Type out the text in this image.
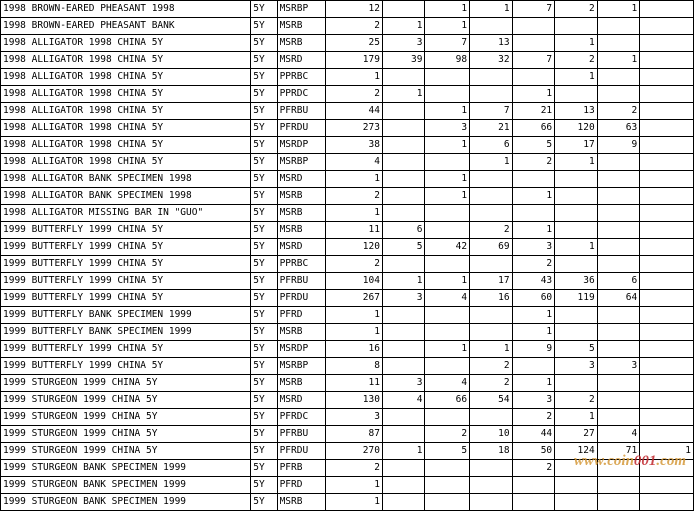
1998 BROWN-EARED PHEASANT 1998	5Y	MSRBP	12		1	1	7	2	1	
1998 BROWN-EARED PHEASANT BANK	5Y	MSRB	2	1	1					
1998 ALLIGATOR 1998 CHINA 5Y	5Y	MSRB	25	3	7	13		1		
1998 ALLIGATOR 1998 CHINA 5Y	5Y	MSRD	179	39	98	32	7	2	1	
1998 ALLIGATOR 1998 CHINA 5Y	5Y	PPRBC	1					1		
1998 ALLIGATOR 1998 CHINA 5Y	5Y	PPRDC	2	1			1			
1998 ALLIGATOR 1998 CHINA 5Y	5Y	PFRBU	44		1	7	21	13	2	
1998 ALLIGATOR 1998 CHINA 5Y	5Y	PFRDU	273		3	21	66	120	63	
1998 ALLIGATOR 1998 CHINA 5Y	5Y	MSRDP	38		1	6	5	17	9	
1998 ALLIGATOR 1998 CHINA 5Y	5Y	MSRBP	4			1	2	1		
1998 ALLIGATOR BANK SPECIMEN 1998	5Y	MSRD	1		1					
1998 ALLIGATOR BANK SPECIMEN 1998	5Y	MSRB	2		1		1			
1998 ALLIGATOR MISSING BAR IN "GUO"	5Y	MSRB	1							
1999 BUTTERFLY 1999 CHINA 5Y	5Y	MSRB	11	6		2	1			
1999 BUTTERFLY 1999 CHINA 5Y	5Y	MSRD	120	5	42	69	3	1		
1999 BUTTERFLY 1999 CHINA 5Y	5Y	PPRBC	2				2			
1999 BUTTERFLY 1999 CHINA 5Y	5Y	PFRBU	104	1	1	17	43	36	6	
1999 BUTTERFLY 1999 CHINA 5Y	5Y	PFRDU	267	3	4	16	60	119	64	
1999 BUTTERFLY BANK SPECIMEN 1999	5Y	PFRD	1				1			
1999 BUTTERFLY BANK SPECIMEN 1999	5Y	MSRB	1				1			
1999 BUTTERFLY 1999 CHINA 5Y	5Y	MSRDP	16		1	1	9	5		
1999 BUTTERFLY 1999 CHINA 5Y	5Y	MSRBP	8			2		3	3	
1999 STURGEON 1999 CHINA 5Y	5Y	MSRB	11	3	4	2	1			
1999 STURGEON 1999 CHINA 5Y	5Y	MSRD	130	4	66	54	3	2		
1999 STURGEON 1999 CHINA 5Y	5Y	PFRDC	3				2	1		
1999 STURGEON 1999 CHINA 5Y	5Y	PFRBU	87		2	10	44	27	4	
1999 STURGEON 1999 CHINA 5Y	5Y	PFRDU	270	1	5	18	50	124	71	1
1999 STURGEON BANK SPECIMEN 1999	5Y	PFRB	2				2			
1999 STURGEON BANK SPECIMEN 1999	5Y	PFRD	1							
1999 STURGEON BANK SPECIMEN 1999	5Y	MSRB	1							
www.coin001.com
